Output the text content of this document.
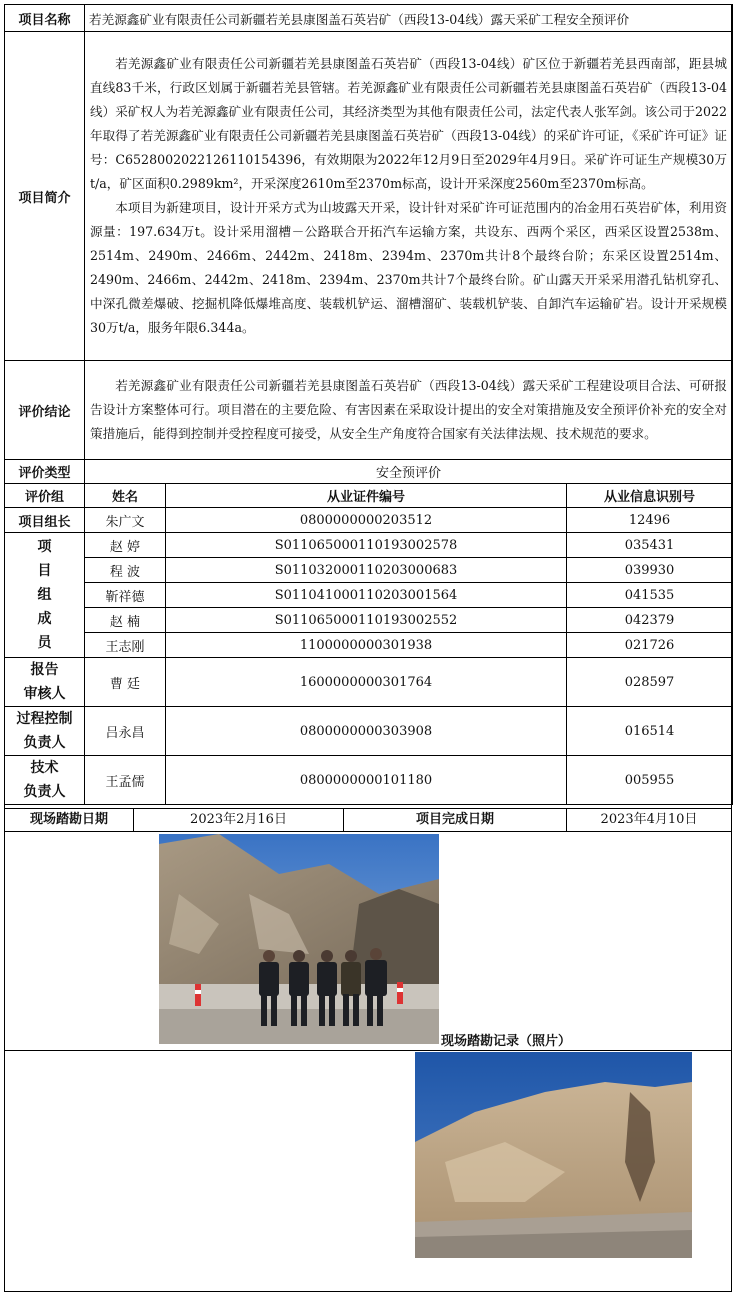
项目名称	若羌源鑫矿业有限责任公司新疆若羌县康图盖石英岩矿（西段13-04线）露天采矿工程安全预评价		
项目简介	若羌源鑫矿业有限责任公司新疆若羌县康图盖石英岩矿（西段13-04线）矿区位于新疆若羌县西南部，距县城直线83千米，行政区划属于新疆若羌县管辖。若羌源鑫矿业有限责任公司新疆若羌县康图盖石英岩矿（西段13-04线）采矿权人为若羌源鑫矿业有限责任公司，其经济类型为其他有限责任公司，法定代表人张军剑。该公司于2022年取得了若羌源鑫矿业有限责任公司新疆若羌县康图盖石英岩矿（西段13-04线）的采矿许可证，《采矿许可证》证号：C6528002022126110154396，有效期限为2022年12月9日至2029年4月9日。采矿许可证生产规模30万t/a，矿区面积0.2989km²，开采深度2610m至2370m标高，设计开采深度2560m至2370m标高。

本项目为新建项目，设计开采方式为山坡露天开采，设计针对采矿许可证范围内的冶金用石英岩矿体，利用资源量：197.634万t。设计采用溜槽－公路联合开拓汽车运输方案，共设东、西两个采区，西采区设置2538m、2514m、2490m、2466m、2442m、2418m、2394m、2370m共计8个最终台阶；东采区设置2514m、2490m、2466m、2442m、2418m、2394m、2370m共计7个最终台阶。矿山露天开采采用潜孔钻机穿孔、中深孔微差爆破、挖掘机降低爆堆高度、装载机铲运、溜槽溜矿、装载机铲装、自卸汽车运输矿岩。设计开采规模30万t/a，服务年限6.344a。		

评价结论	若羌源鑫矿业有限责任公司新疆若羌县康图盖石英岩矿（西段13-04线）露天采矿工程建设项目合法、可研报告设计方案整体可行。项目潜在的主要危险、有害因素在采取设计提出的安全对策措施及安全预评价补充的安全对策措施后，能得到控制并受控程度可接受，从安全生产角度符合国家有关法律法规、技术规范的要求。		

评价类型	安全预评价		
评价组	姓名	从业证件编号	从业信息识别号
项目组长	朱广文	0800000000203512	12496

项
目
组
成
员	赵 婷	S011065000110193002578	035431
	程 波	S011032000110203000683	039930
	靳祥德	S011041000110203001564	041535
	赵 楠	S011065000110193002552	042379
	王志刚	1100000000301938	021726

报告
审核人	曹 廷	1600000000301764	028597

过程控制
负责人	吕永昌	0800000000303908	016514

技术
负责人	王孟儒	0800000000101180	005955
现场踏勘日期	2023年2月16日	项目完成日期	2023年4月10日
现场踏勘记录（照片）
